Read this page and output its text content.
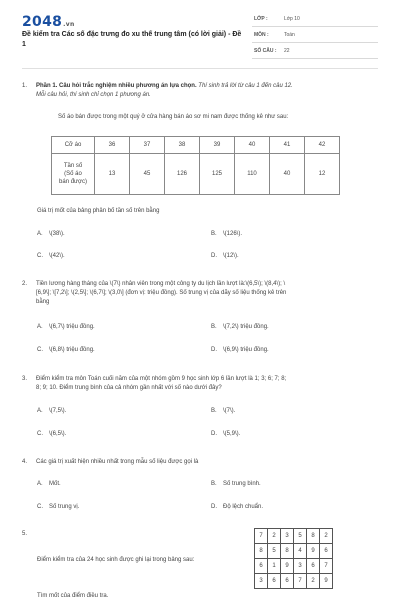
2048.vn
Đề kiểm tra Các số đặc trưng đo xu thế trung tâm (có lời giải) - Đề 1
LỚP :	Lớp 10
MÔN :	Toán
SỐ CÂU : 22
1.	Phần 1. Câu hỏi trắc nghiệm nhiều phương án lựa chọn. Thí sinh trả lời từ câu 1 đến câu 12.
Mỗi câu hỏi, thí sinh chỉ chọn 1 phương án.
Số áo bán được trong một quý ở cửa hàng bán áo sơ mi nam được thống kê như sau:
Cỡ áo	36	37	38	39	40	41	42
Tần số
(Số áo
bán được)	13	45	126	125	110	40	12
Giá trị mốt của bảng phân bố tần số trên bằng
A. \(38\).	B. \(126\).
C. \(42\).	D. \(12\).
2.	Tiền lương hàng tháng của \(7\) nhân viên trong một công ty du lịch lần lượt là:\(6,5\); \(8,4\); \
[6,9\]; \[7,2\]; \(2,5\]; \(6,7\]; \(3,0\] (đơn vị: triệu đồng). Số trung vị của dãy số liệu thống kê trên
bằng
A. \(6,7\) triệu đồng.	B. \(7,2\) triệu đồng.
C. \(6,8\) triệu đồng.	D. \(6,9\) triệu đồng.
3.	Điểm kiểm tra môn Toán cuối năm của một nhóm gồm 9 học sinh lớp 6 lần lượt là 1; 3; 6; 7; 8;
8; 9; 10. Điểm trung bình của cả nhóm gần nhất với số nào dưới đây?
A. \(7,5\).	B. \(7\).
C. \(6,5\).	D. \(5,9\).
4.	Các giá trị xuất hiện nhiều nhất trong mẫu số liệu được gọi là
A. Mốt.	B. Số trung bình.
C. Số trung vị.	D. Độ lệch chuẩn.
5.
Điểm kiểm tra của 24 học sinh được ghi lại trong bảng sau:
7	2	3	5	8	2
8	5	8	4	9	6
6	1	9	3	6	7
3	6	6	7	2	9
Tìm mốt của điểm điều tra.
